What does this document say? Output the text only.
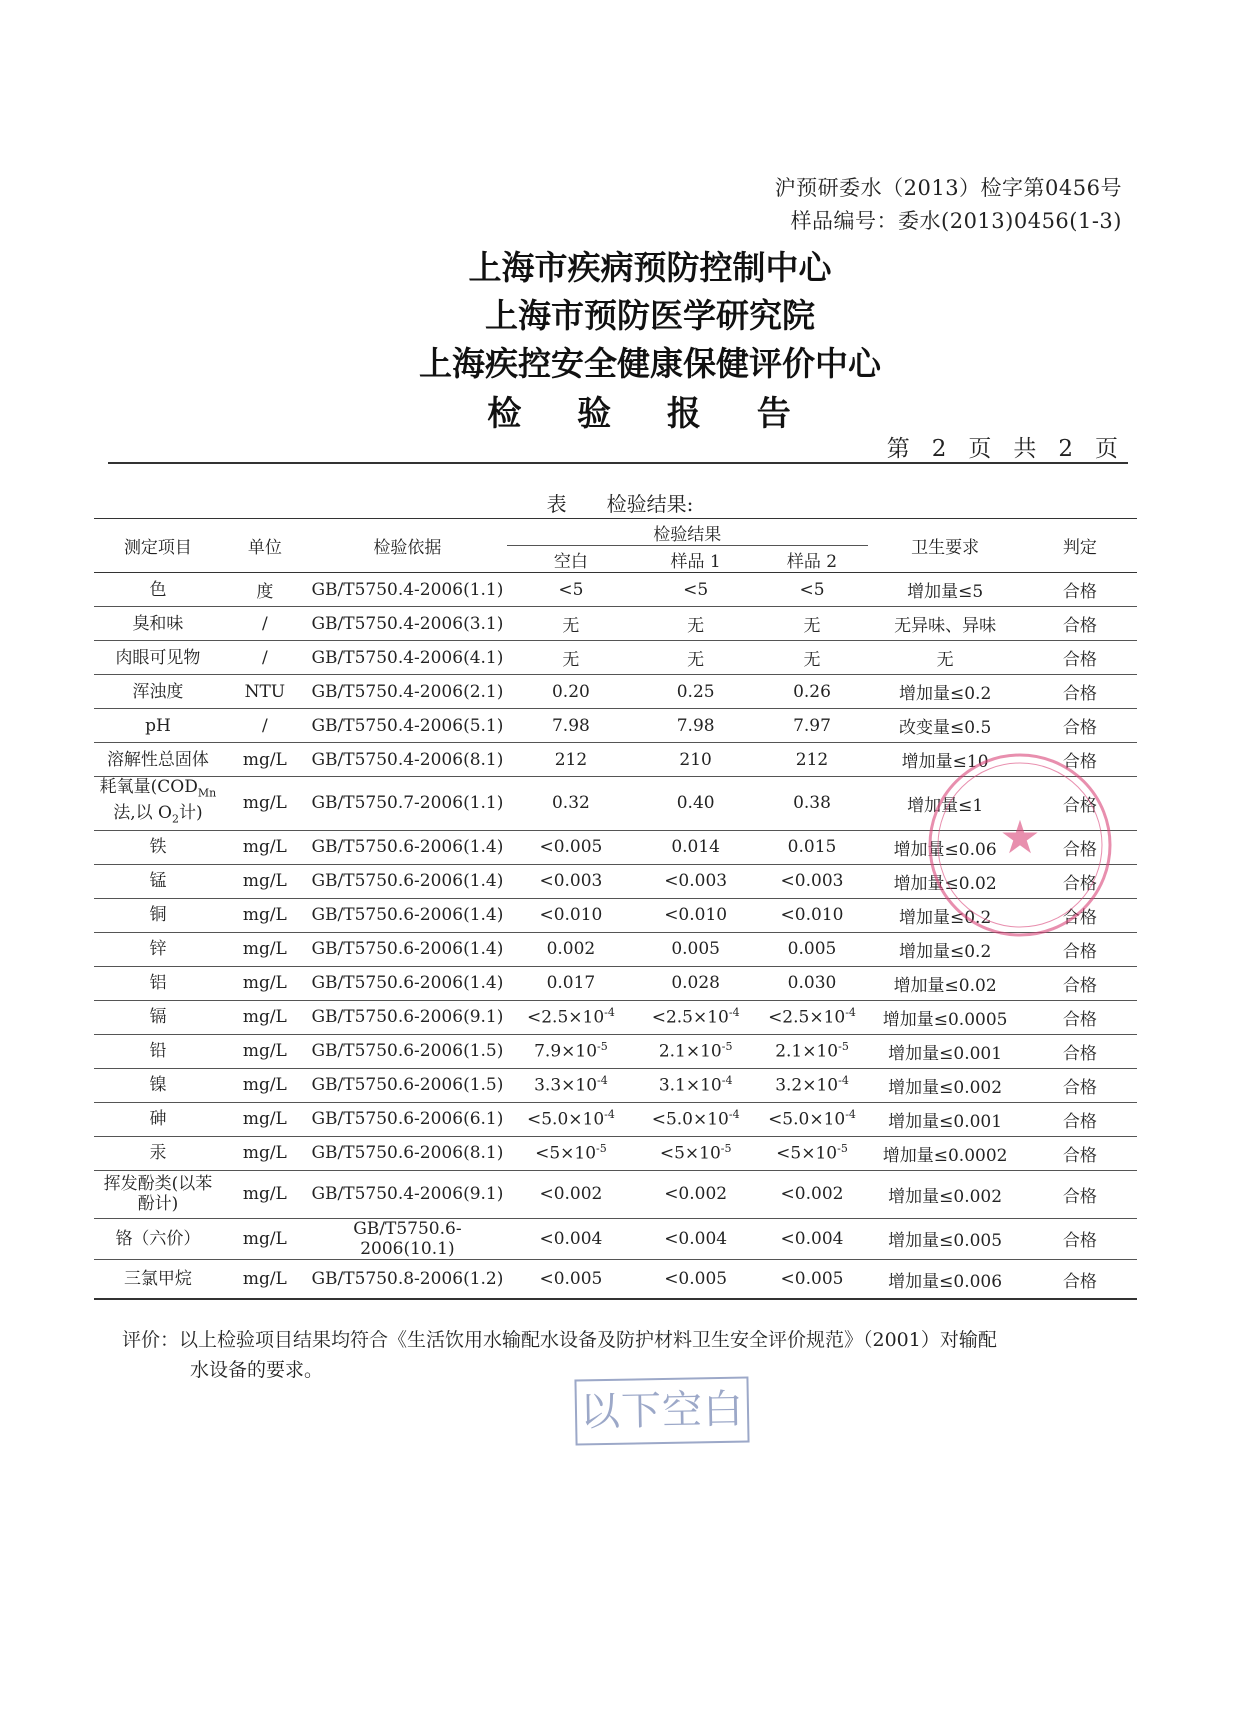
沪预研委水（2013）检字第0456号
样品编号：委水(2013)0456(1-3)
上海市疾病预防控制中心
上海市预防医学研究院
上海疾控安全健康保健评价中心
检 验 报 告
第 2 页 共 2 页
表 检验结果:
测定项目	单位	检验依据	检验结果			卫生要求	判定
			空白	样品 1	样品 2		
色	度	GB/T5750.4-2006(1.1)	<5	<5	<5	增加量≤5	合格
臭和味	/	GB/T5750.4-2006(3.1)	无	无	无	无异味、异味	合格
肉眼可见物	/	GB/T5750.4-2006(4.1)	无	无	无	无	合格
浑浊度	NTU	GB/T5750.4-2006(2.1)	0.20	0.25	0.26	增加量≤0.2	合格
pH	/	GB/T5750.4-2006(5.1)	7.98	7.98	7.97	改变量≤0.5	合格
溶解性总固体	mg/L	GB/T5750.4-2006(8.1)	212	210	212	增加量≤10	合格
耗氧量($COD_{Mn}$
法,以 $O_2$计)	mg/L	GB/T5750.7-2006(1.1)	0.32	0.40	0.38	增加量≤1	合格
铁	mg/L	GB/T5750.6-2006(1.4)	<0.005	0.014	0.015	增加量≤0.06	合格
锰	mg/L	GB/T5750.6-2006(1.4)	<0.003	<0.003	<0.003	增加量≤0.02	合格
铜	mg/L	GB/T5750.6-2006(1.4)	<0.010	<0.010	<0.010	增加量≤0.2	合格
锌	mg/L	GB/T5750.6-2006(1.4)	0.002	0.005	0.005	增加量≤0.2	合格
铝	mg/L	GB/T5750.6-2006(1.4)	0.017	0.028	0.030	增加量≤0.02	合格
镉	mg/L	GB/T5750.6-2006(9.1)	$<2.5\times 10^{-4}$	$<2.5\times 10^{-4}$	$<2.5\times 10^{-4}$	增加量≤0.0005	合格
铅	mg/L	GB/T5750.6-2006(1.5)	$7.9\times 10^{-5}$	$2.1\times 10^{-5}$	$2.1\times 10^{-5}$	增加量≤0.001	合格
镍	mg/L	GB/T5750.6-2006(1.5)	$3.3\times 10^{-4}$	$3.1\times 10^{-4}$	$3.2\times 10^{-4}$	增加量≤0.002	合格
砷	mg/L	GB/T5750.6-2006(6.1)	$<5.0\times 10^{-4}$	$<5.0\times 10^{-4}$	$<5.0\times 10^{-4}$	增加量≤0.001	合格
汞	mg/L	GB/T5750.6-2006(8.1)	$<5\times 10^{-5}$	$<5\times 10^{-5}$	$<5\times 10^{-5}$	增加量≤0.0002	合格
挥发酚类(以苯
酚计)	mg/L	GB/T5750.4-2006(9.1)	<0.002	<0.002	<0.002	增加量≤0.002	合格
铬（六价）	mg/L	GB/T5750.6-2006(10.1)	<0.004	<0.004	<0.004	增加量≤0.005	合格
三氯甲烷	mg/L	GB/T5750.8-2006(1.2)	<0.005	<0.005	<0.005	增加量≤0.006	合格
★
评价：以上检验项目结果均符合《生活饮用水输配水设备及防护材料卫生安全评价规范》（2001）对输配
水设备的要求。
以下空白
